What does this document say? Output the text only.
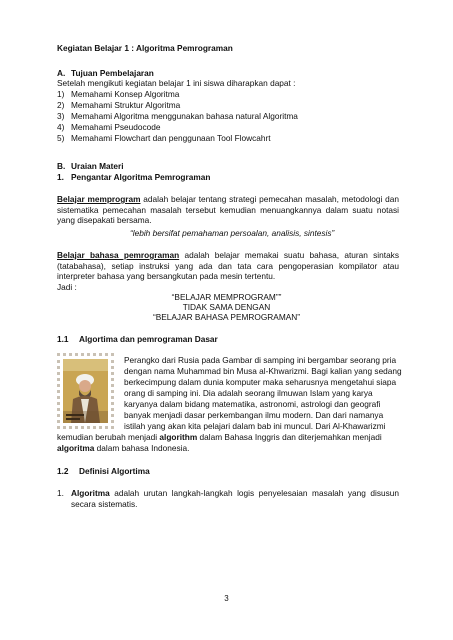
Kegiatan Belajar 1 : Algoritma Pemrograman
A. Tujuan Pembelajaran
Setelah mengikuti kegiatan belajar 1 ini siswa diharapkan dapat :
1) Memahami Konsep Algoritma
2) Memahami Struktur Algoritma
3) Memahami Algoritma menggunakan bahasa natural Algoritma
4) Memahami Pseudocode
5) Memahami Flowchart dan penggunaan Tool Flowcahrt
B. Uraian Materi
1. Pengantar Algoritma Pemrograman
Belajar memprogram adalah belajar tentang strategi pemecahan masalah, metodologi dan sistematika pemecahan masalah tersebut kemudian menuangkannya dalam suatu notasi yang disepakati bersama.
“lebih bersifat pemahaman persoalan, analisis, sintesis”
Belajar bahasa pemrograman adalah belajar memakai suatu bahasa, aturan sintaks (tatabahasa), setiap instruksi yang ada dan tata cara pengoperasian kompilator atau interpreter bahasa yang bersangkutan pada mesin tertentu.
Jadi :
“BELAJAR MEMPROGRAM””
TIDAK SAMA DENGAN
“BELAJAR BAHASA PEMROGRAMAN”
1.1 Algortima dan pemrograman Dasar
Perangko dari Rusia pada Gambar di samping ini bergambar seorang pria
dengan nama Muhammad bin Musa al-Khwarizmi. Bagi kalian yang sedang
berkecimpung dalam dunia komputer maka seharusnya mengetahui siapa
orang di samping ini. Dia adalah seorang ilmuwan Islam yang karya
karyanya dalam bidang matematika, astronomi, astrologi dan geografi
banyak menjadi dasar perkembangan ilmu modern. Dan dari namanya
istilah yang akan kita pelajari dalam bab ini muncul. Dari Al-Khawarizmi
kemudian berubah menjadi algorithm dalam Bahasa Inggris dan diterjemahkan menjadi
algoritma dalam bahasa Indonesia.
1.2 Definisi Algortima
1. Algoritma adalah urutan langkah-langkah logis penyelesaian masalah yang disusun secara sistematis.
3
